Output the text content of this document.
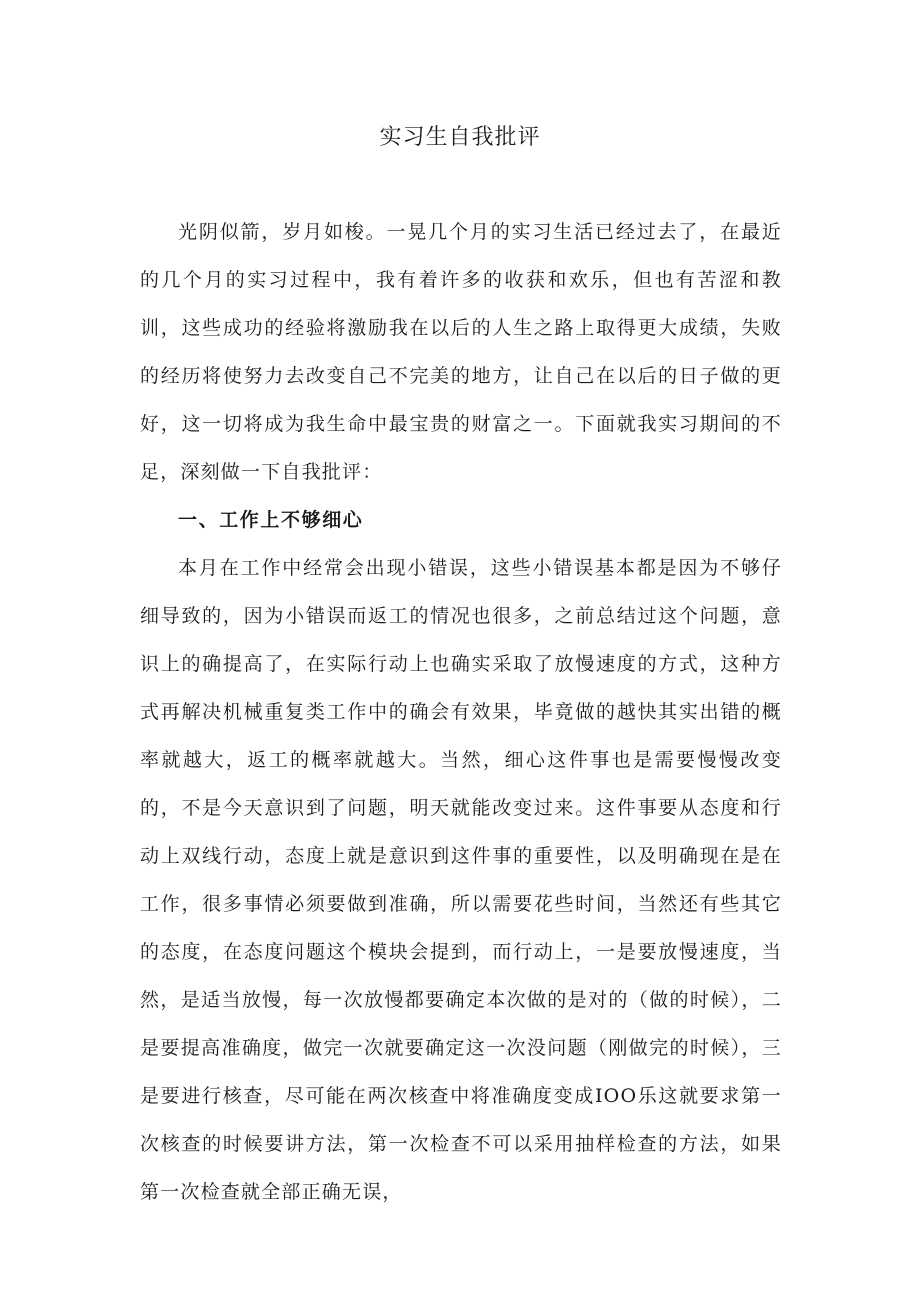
实习生自我批评

光阴似箭，岁月如梭。一晃几个月的实习生活已经过去了，在最近的几个月的实习过程中，我有着许多的收获和欢乐，但也有苦涩和教训，这些成功的经验将激励我在以后的人生之路上取得更大成绩，失败的经历将使努力去改变自己不完美的地方，让自己在以后的日子做的更好，这一切将成为我生命中最宝贵的财富之一。下面就我实习期间的不足，深刻做一下自我批评：

一、工作上不够细心

本月在工作中经常会出现小错误，这些小错误基本都是因为不够仔细导致的，因为小错误而返工的情况也很多，之前总结过这个问题，意识上的确提高了，在实际行动上也确实采取了放慢速度的方式，这种方式再解决机械重复类工作中的确会有效果，毕竟做的越快其实出错的概率就越大，返工的概率就越大。当然，细心这件事也是需要慢慢改变的，不是今天意识到了问题，明天就能改变过来。这件事要从态度和行动上双线行动，态度上就是意识到这件事的重要性，以及明确现在是在工作，很多事情必须要做到准确，所以需要花些时间，当然还有些其它的态度，在态度问题这个模块会提到，而行动上，一是要放慢速度，当然，是适当放慢，每一次放慢都要确定本次做的是对的（做的时候），二是要提高准确度，做完一次就要确定这一次没问题（刚做完的时候），三是要进行核查，尽可能在两次核查中将准确度变成IOO乐这就要求第一次核查的时候要讲方法，第一次检查不可以采用抽样检查的方法，如果第一次检查就全部正确无误，
